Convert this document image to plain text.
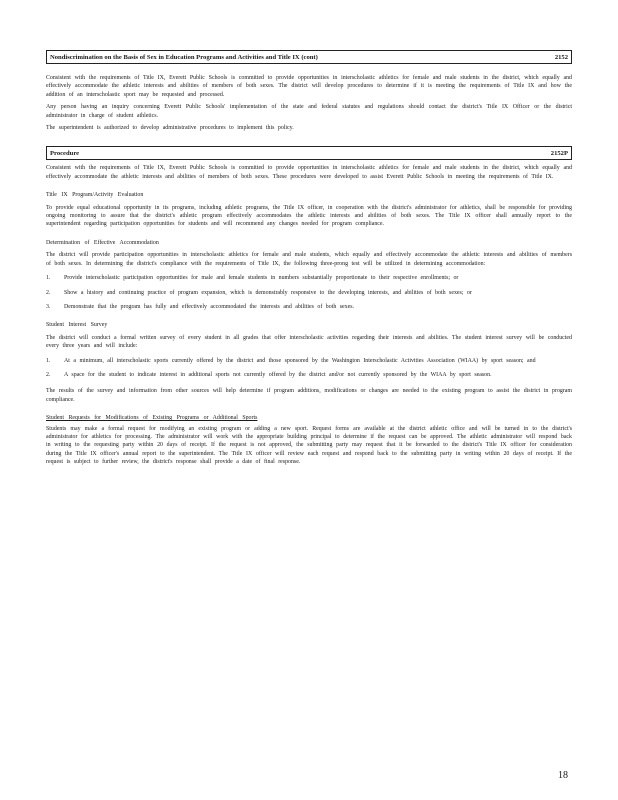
Nondiscrimination on the Basis of Sex in Education Programs and Activities and Title IX (cont)	2152

Consistent with the requirements of Title IX, Everett Public Schools is committed to provide opportunities in interscholastic athletics for female and male students in the district, which equally and effectively accommodate the athletic interests and abilities of members of both sexes. The district will develop procedures to determine if it is meeting the requirements of Title IX and how the addition of an interscholastic sport may be requested and processed.

Any person having an inquiry concerning Everett Public Schools' implementation of the state and federal statutes and regulations should contact the district's Title IX Officer or the district administrator in charge of student athletics.

The superintendent is authorized to develop administrative procedures to implement this policy.

Procedure	2152P

Consistent with the requirements of Title IX, Everett Public Schools is committed to provide opportunities in interscholastic athletics for female and male students in the district, which equally and effectively accommodate the athletic interests and abilities of members of both sexes. These procedures were developed to assist Everett Public Schools in meeting the requirements of Title IX.

Title IX Program/Activity Evaluation

To provide equal educational opportunity in its programs, including athletic programs, the Title IX officer, in cooperation with the district's administrator for athletics, shall be responsible for providing ongoing monitoring to assure that the district's athletic program effectively accommodates the athletic interests and abilities of both sexes. The Title IX officer shall annually report to the superintendent regarding participation opportunities for students and will recommend any changes needed for program compliance.

Determination of Effective Accommodation

The district will provide participation opportunities in interscholastic athletics for female and male students, which equally and effectively accommodate the athletic interests and abilities of members of both sexes. In determining the district's compliance with the requirements of Title IX, the following three-prong test will be utilized in determining accommodation:

1.	Provide interscholastic participation opportunities for male and female students in numbers substantially proportionate to their respective enrollments; or
2.	Show a history and continuing practice of program expansion, which is demonstrably responsive to the developing interests, and abilities of both sexes; or
3.	Demonstrate that the program has fully and effectively accommodated the interests and abilities of both sexes.

Student Interest Survey

The district will conduct a formal written survey of every student in all grades that offer interscholastic activities regarding their interests and abilities. The student interest survey will be conducted every three years and will include:

1.	At a minimum, all interscholastic sports currently offered by the district and those sponsored by the Washington Interscholastic Activities Association (WIAA) by sport season; and
2.	A space for the student to indicate interest in additional sports not currently offered by the district and/or not currently sponsored by the WIAA by sport season.

The results of the survey and information from other sources will help determine if program additions, modifications or changes are needed to the existing program to assist the district in program compliance.

Student Requests for Modifications of Existing Programs or Additional Sports

Students may make a formal request for modifying an existing program or adding a new sport. Request forms are available at the district athletic office and will be turned in to the district's administrator for athletics for processing. The administrator will work with the appropriate building principal to determine if the request can be approved. The athletic administrator will respond back in writing to the requesting party within 20 days of receipt. If the request is not approved, the submitting party may request that it be forwarded to the district's Title IX officer for consideration during the Title IX officer's annual report to the superintendent. The Title IX officer will review each request and respond back to the submitting party in writing within 20 days of receipt. If the request is subject to further review, the district's response shall provide a date of final response.

18
